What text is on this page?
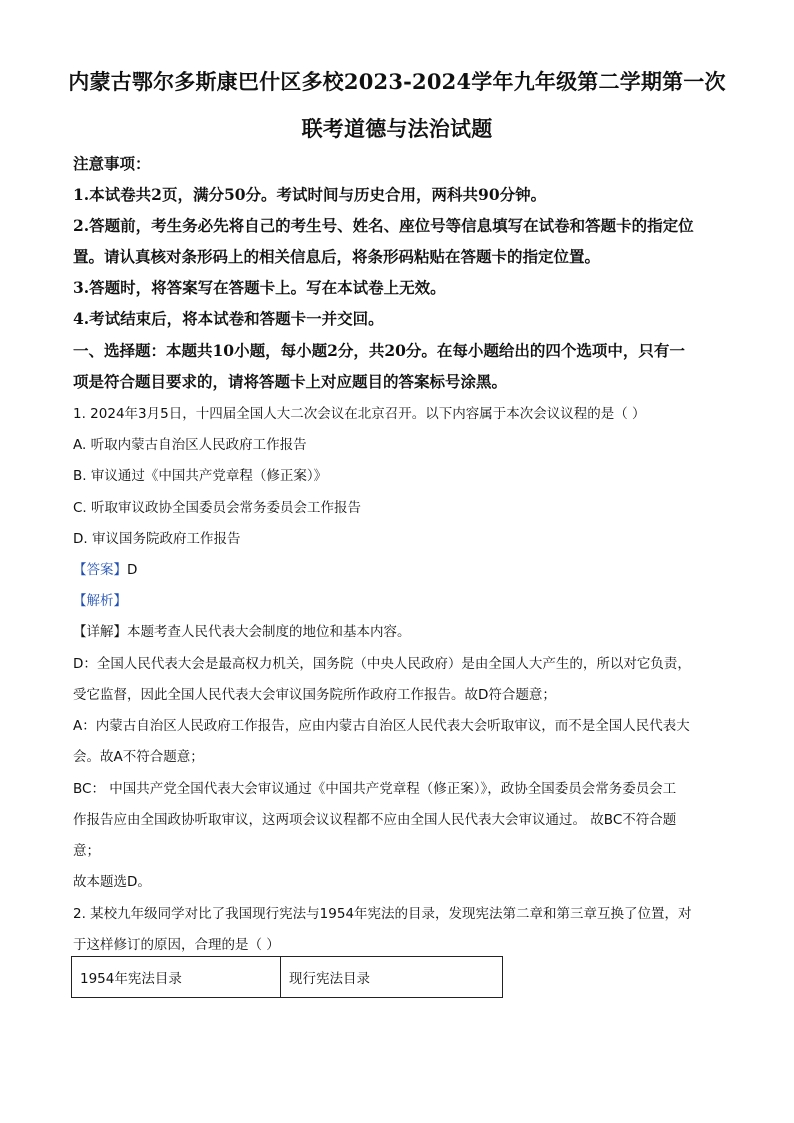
内蒙古鄂尔多斯康巴什区多校2023-2024学年九年级第二学期第一次
联考道德与法治试题
注意事项：
1.本试卷共2页，满分50分。考试时间与历史合用，两科共90分钟。
2.答题前，考生务必先将自己的考生号、姓名、座位号等信息填写在试卷和答题卡的指定位
置。请认真核对条形码上的相关信息后，将条形码粘贴在答题卡的指定位置。
3.答题时，将答案写在答题卡上。写在本试卷上无效。
4.考试结束后，将本试卷和答题卡一并交回。
一、选择题：本题共10小题，每小题2分，共20分。在每小题给出的四个选项中，只有一
项是符合题目要求的，请将答题卡上对应题目的答案标号涂黑。
1. 2024年3月5日，十四届全国人大二次会议在北京召开。以下内容属于本次会议议程的是（ ）
A. 听取内蒙古自治区人民政府工作报告
B. 审议通过《中国共产党章程（修正案）》
C. 听取审议政协全国委员会常务委员会工作报告
D. 审议国务院政府工作报告
【答案】D
【解析】
【详解】本题考查人民代表大会制度的地位和基本内容。
D：全国人民代表大会是最高权力机关，国务院（中央人民政府）是由全国人大产生的，所以对它负责，
受它监督，因此全国人民代表大会审议国务院所作政府工作报告。故D符合题意；
A：内蒙古自治区人民政府工作报告，应由内蒙古自治区人民代表大会听取审议，而不是全国人民代表大
会。故A不符合题意；
BC： 中国共产党全国代表大会审议通过《中国共产党章程（修正案）》，政协全国委员会常务委员会工
作报告应由全国政协听取审议，这两项会议议程都不应由全国人民代表大会审议通过。 故BC不符合题
意；
故本题选D。
2. 某校九年级同学对比了我国现行宪法与1954年宪法的目录，发现宪法第二章和第三章互换了位置，对
于这样修订的原因，合理的是（ ）
1954年宪法目录	现行宪法目录
